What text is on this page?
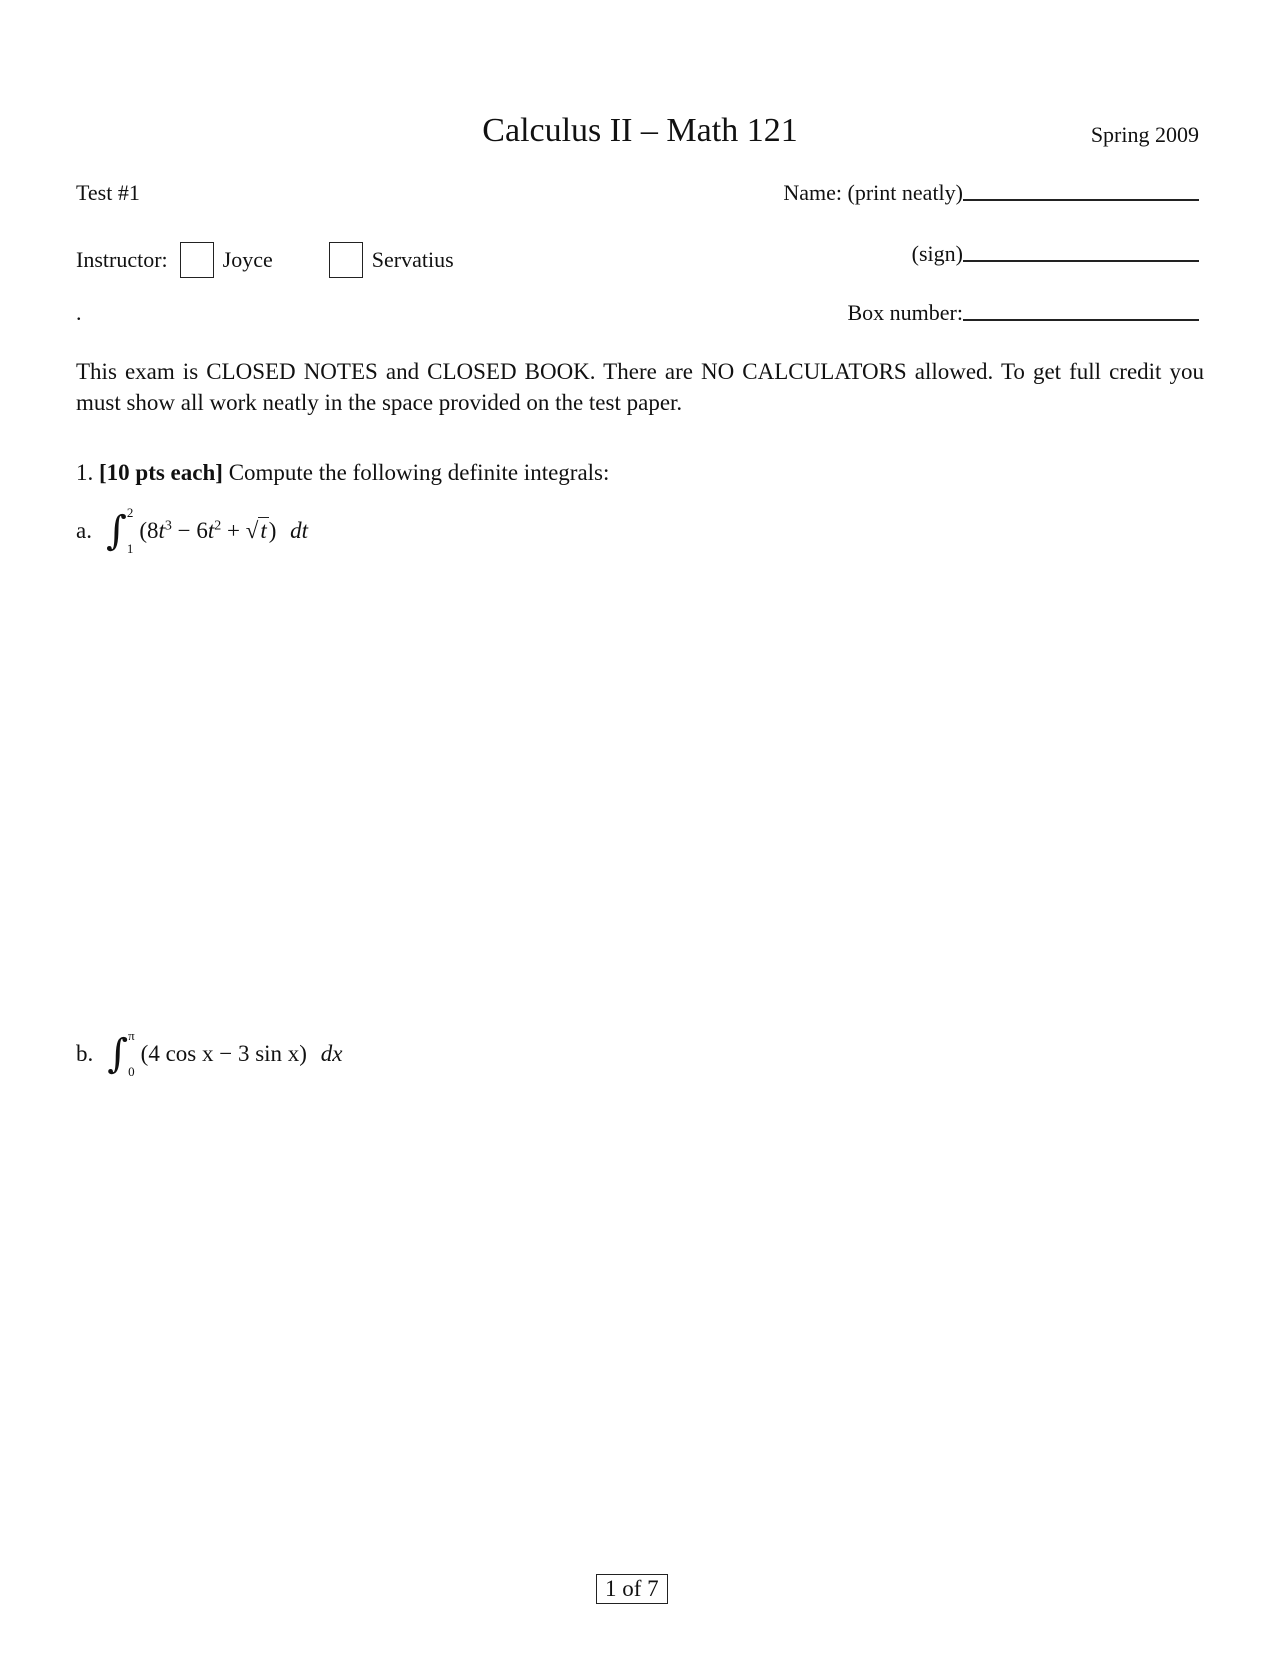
Calculus II – Math 121	Spring 2009
Test #1	Name: (print neatly)
Instructor:	Joyce	Servatius	(sign)
.	Box number:
This exam is CLOSED NOTES and CLOSED BOOK. There are NO CALCULATORS allowed. To get full credit you must show all work neatly in the space provided on the test paper.
1. [10 pts each] Compute the following definite integrals:
a. ∫ 2
1
$(8t^3 - 6t^2 + √t)$ dt
b. ∫ π
0
(4 cos x − 3 sin x) dx
1 of 7
